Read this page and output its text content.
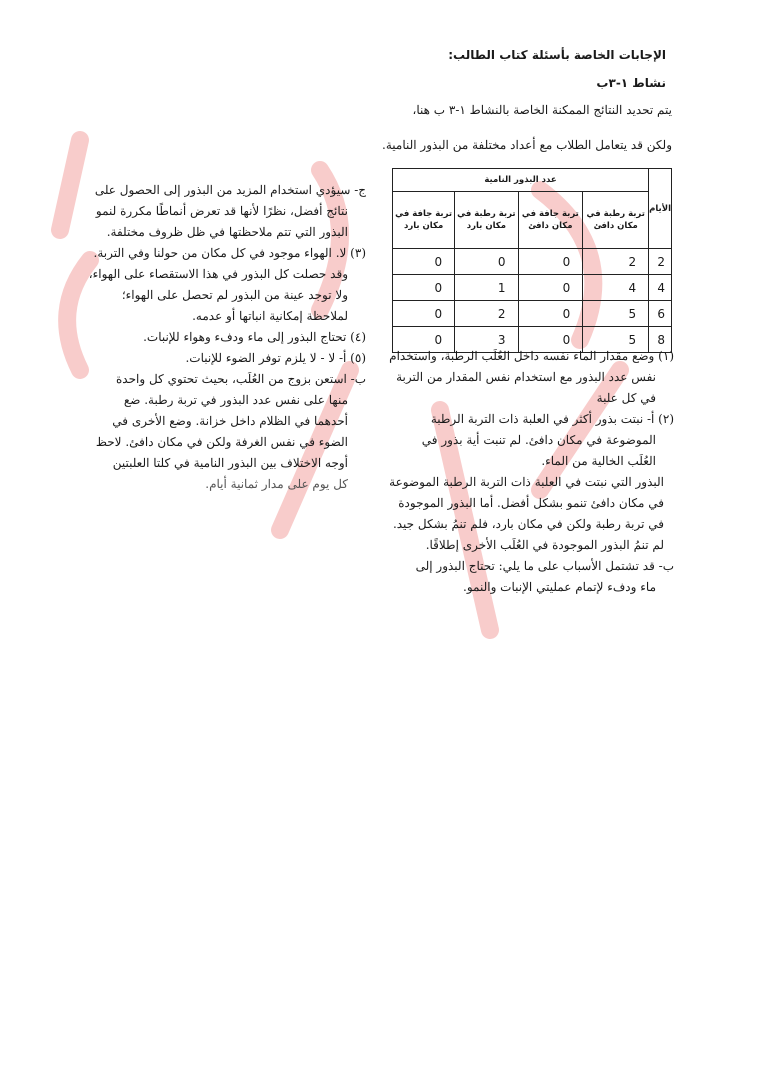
الإجابات الخاصة بأسئلة كتاب الطالب:
نشاط ١-٣ب
يتم تحديد النتائج الممكنة الخاصة بالنشاط ١-٣ ب هنا،
ولكن قد يتعامل الطلاب مع أعداد مختلفة من البذور النامية.
الأيام	عدد البذور النامية			
	تربة رطبة في مكان دافئ	تربة جافة في مكان دافئ	تربة رطبة في مكان بارد	تربة جافة في مكان بارد
2	2	0	0	0
4	4	0	1	0
6	5	0	2	0
8	5	0	3	0

(١) وضع مقدار الماء نفسه داخل العُلَب الرطبة، واستخدام

نفس عدد البذور مع استخدام نفس المقدار من التربة

في كل علبة

(٢) أ- نبتت بذور أكثر في العلبة ذات التربة الرطبة

الموضوعة في مكان دافئ. لم تنبت أية بذور في

العُلَب الخالية من الماء.

البذور التي نبتت في العلبة ذات التربة الرطبة الموضوعة

في مكان دافئ تنمو بشكل أفضل. أما البذور الموجودة

في تربة رطبة ولكن في مكان بارد، فلم تنمُ بشكل جيد.

لم تنمُ البذور الموجودة في العُلَب الأخرى إطلاقًا.

ب- قد تشتمل الأسباب على ما يلي: تحتاج البذور إلى

ماء ودفء لإتمام عمليتي الإنبات والنمو.

ج- سيؤدي استخدام المزيد من البذور إلى الحصول على

نتائج أفضل، نظرًا لأنها قد تعرض أنماطًا مكررة لنمو

البذور التي تتم ملاحظتها في ظل ظروف مختلفة.

(٣) لا. الهواء موجود في كل مكان من حولنا وفي التربة.

وقد حصلت كل البذور في هذا الاستقصاء على الهواء،

ولا توجد عينة من البذور لم تحصل على الهواء؛

لملاحظة إمكانية انباتها أو عدمه.

(٤) تحتاج البذور إلى ماء ودفء وهواء للإنبات.

(٥) أ- لا - لا يلزم توفر الضوء للإنبات.

ب- استعن بزوج من العُلَب، بحيث تحتوي كل واحدة

منها على نفس عدد البذور في تربة رطبة. ضع

أحدهما في الظلام داخل خزانة. وضع الأخرى في

الضوء في نفس الغرفة ولكن في مكان دافئ. لاحظ

أوجه الاختلاف بين البذور النامية في كلتا العلبتين

كل يوم على مدار ثمانية أيام.
